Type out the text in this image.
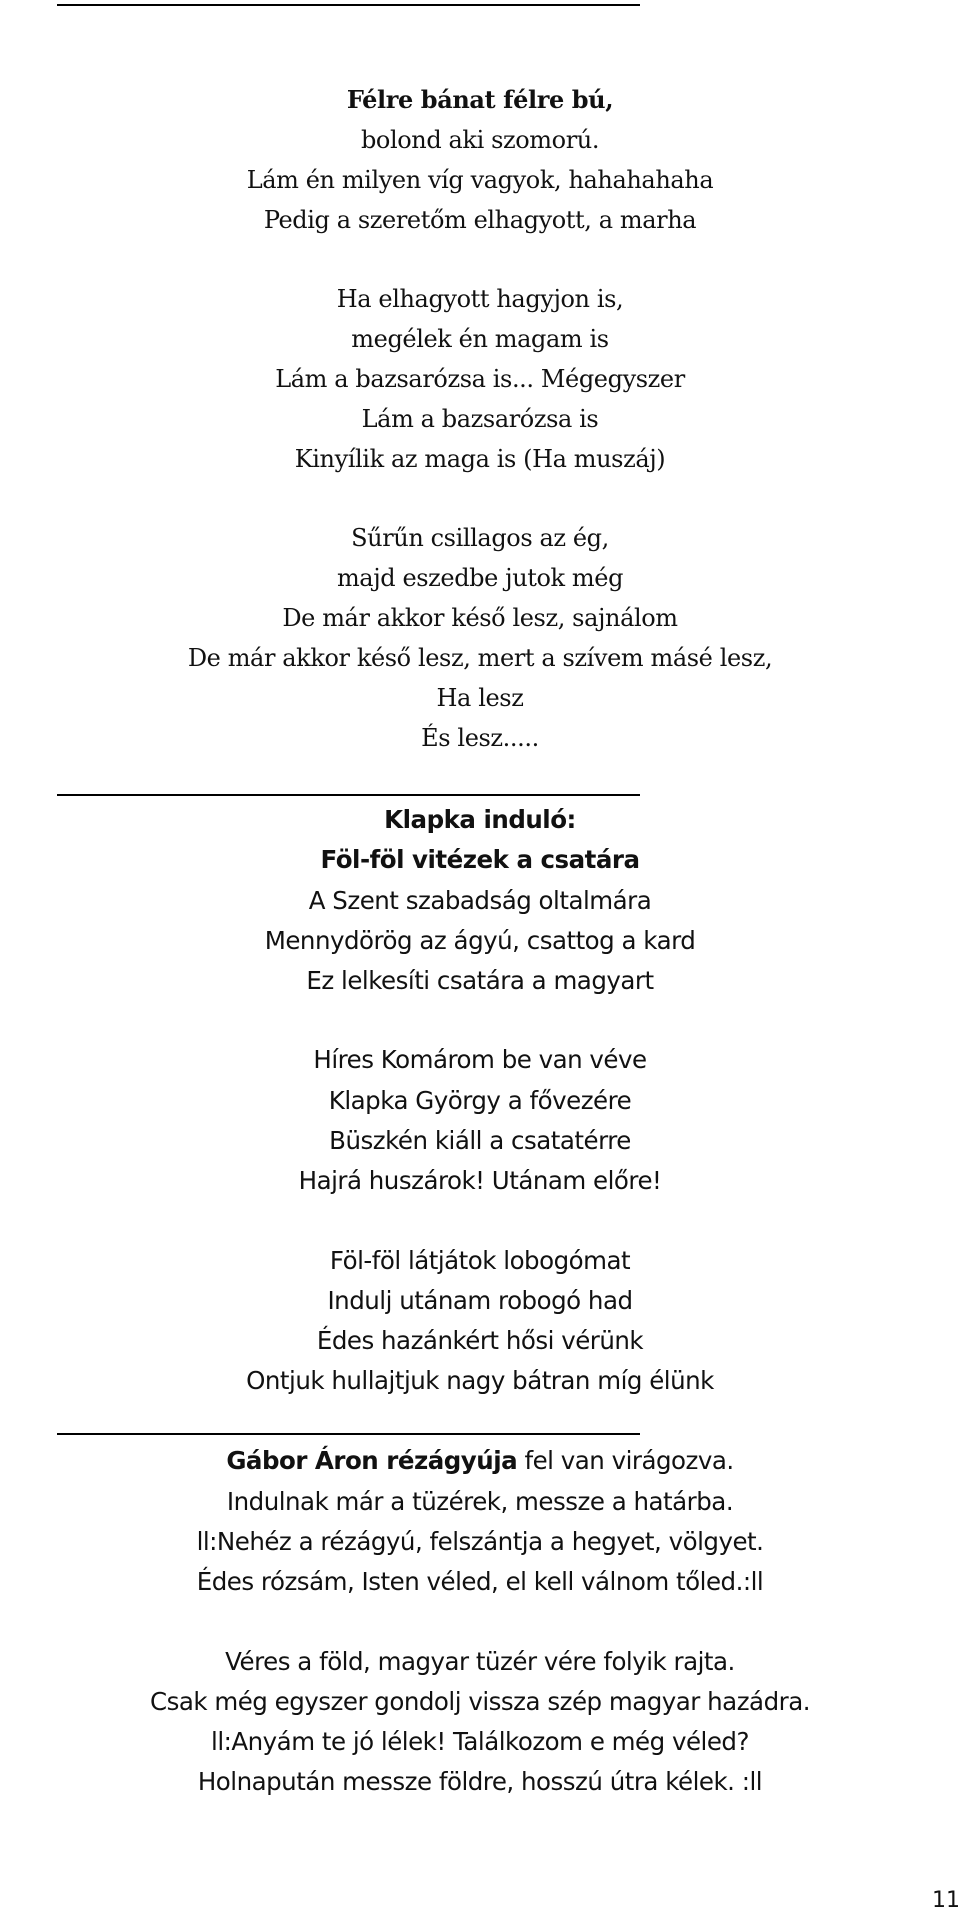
Félre bánat félre bú,
bolond aki szomorú.
Lám én milyen víg vagyok, hahahahaha
Pedig a szeretőm elhagyott, a marha
Ha elhagyott hagyjon is,
megélek én magam is
Lám a bazsarózsa is... Mégegyszer
Lám a bazsarózsa is
Kinyílik az maga is (Ha muszáj)
Sűrűn csillagos az ég,
majd eszedbe jutok még
De már akkor késő lesz, sajnálom
De már akkor késő lesz, mert a szívem másé lesz,
Ha lesz
És lesz.....
Klapka induló:
Föl-föl vitézek a csatára
A Szent szabadság oltalmára
Mennydörög az ágyú, csattog a kard
Ez lelkesíti csatára a magyart
Híres Komárom be van véve
Klapka György a fővezére
Büszkén kiáll a csatatérre
Hajrá huszárok! Utánam előre!
Föl-föl látjátok lobogómat
Indulj utánam robogó had
Édes hazánkért hősi vérünk
Ontjuk hullajtjuk nagy bátran míg élünk
Gábor Áron rézágyúja fel van virágozva.
Indulnak már a tüzérek, messze a határba.
ll:Nehéz a rézágyú, felszántja a hegyet, völgyet.
Édes rózsám, Isten véled, el kell válnom tőled.:ll
Véres a föld, magyar tüzér vére folyik rajta.
Csak még egyszer gondolj vissza szép magyar hazádra.
ll:Anyám te jó lélek! Találkozom e még véled?
Holnapután messze földre, hosszú útra kélek. :ll
11
